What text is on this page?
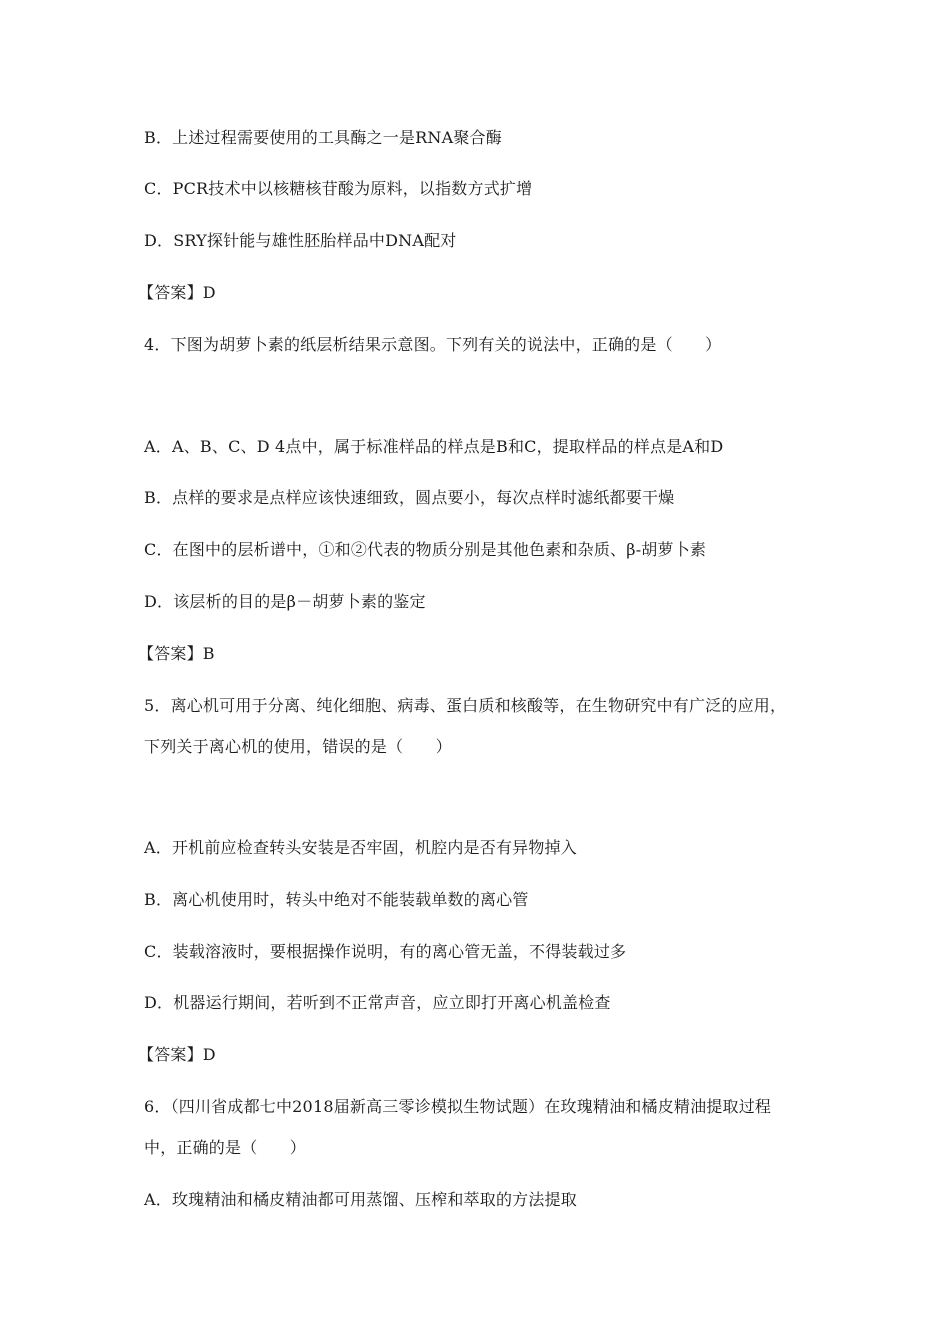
B．上述过程需要使用的工具酶之一是RNA聚合酶
C．PCR技术中以核糖核苷酸为原料，以指数方式扩增
D．SRY探针能与雄性胚胎样品中DNA配对
【答案】D
4．下图为胡萝卜素的纸层析结果示意图。下列有关的说法中，正确的是（　　）
A．A、B、C、D 4点中，属于标准样品的样点是B和C，提取样品的样点是A和D
B．点样的要求是点样应该快速细致，圆点要小，每次点样时滤纸都要干燥
C．在图中的层析谱中，①和②代表的物质分别是其他色素和杂质、β-胡萝卜素
D．该层析的目的是β－胡萝卜素的鉴定
【答案】B
5．离心机可用于分离、纯化细胞、病毒、蛋白质和核酸等，在生物研究中有广泛的应用，
下列关于离心机的使用，错误的是（　　）
A．开机前应检查转头安装是否牢固，机腔内是否有异物掉入
B．离心机使用时，转头中绝对不能装载单数的离心管
C．装载溶液时，要根据操作说明，有的离心管无盖，不得装载过多
D．机器运行期间，若听到不正常声音，应立即打开离心机盖检查
【答案】D
6．（四川省成都七中2018届新高三零诊模拟生物试题）在玫瑰精油和橘皮精油提取过程
中，正确的是（　　）
A．玫瑰精油和橘皮精油都可用蒸馏、压榨和萃取的方法提取
